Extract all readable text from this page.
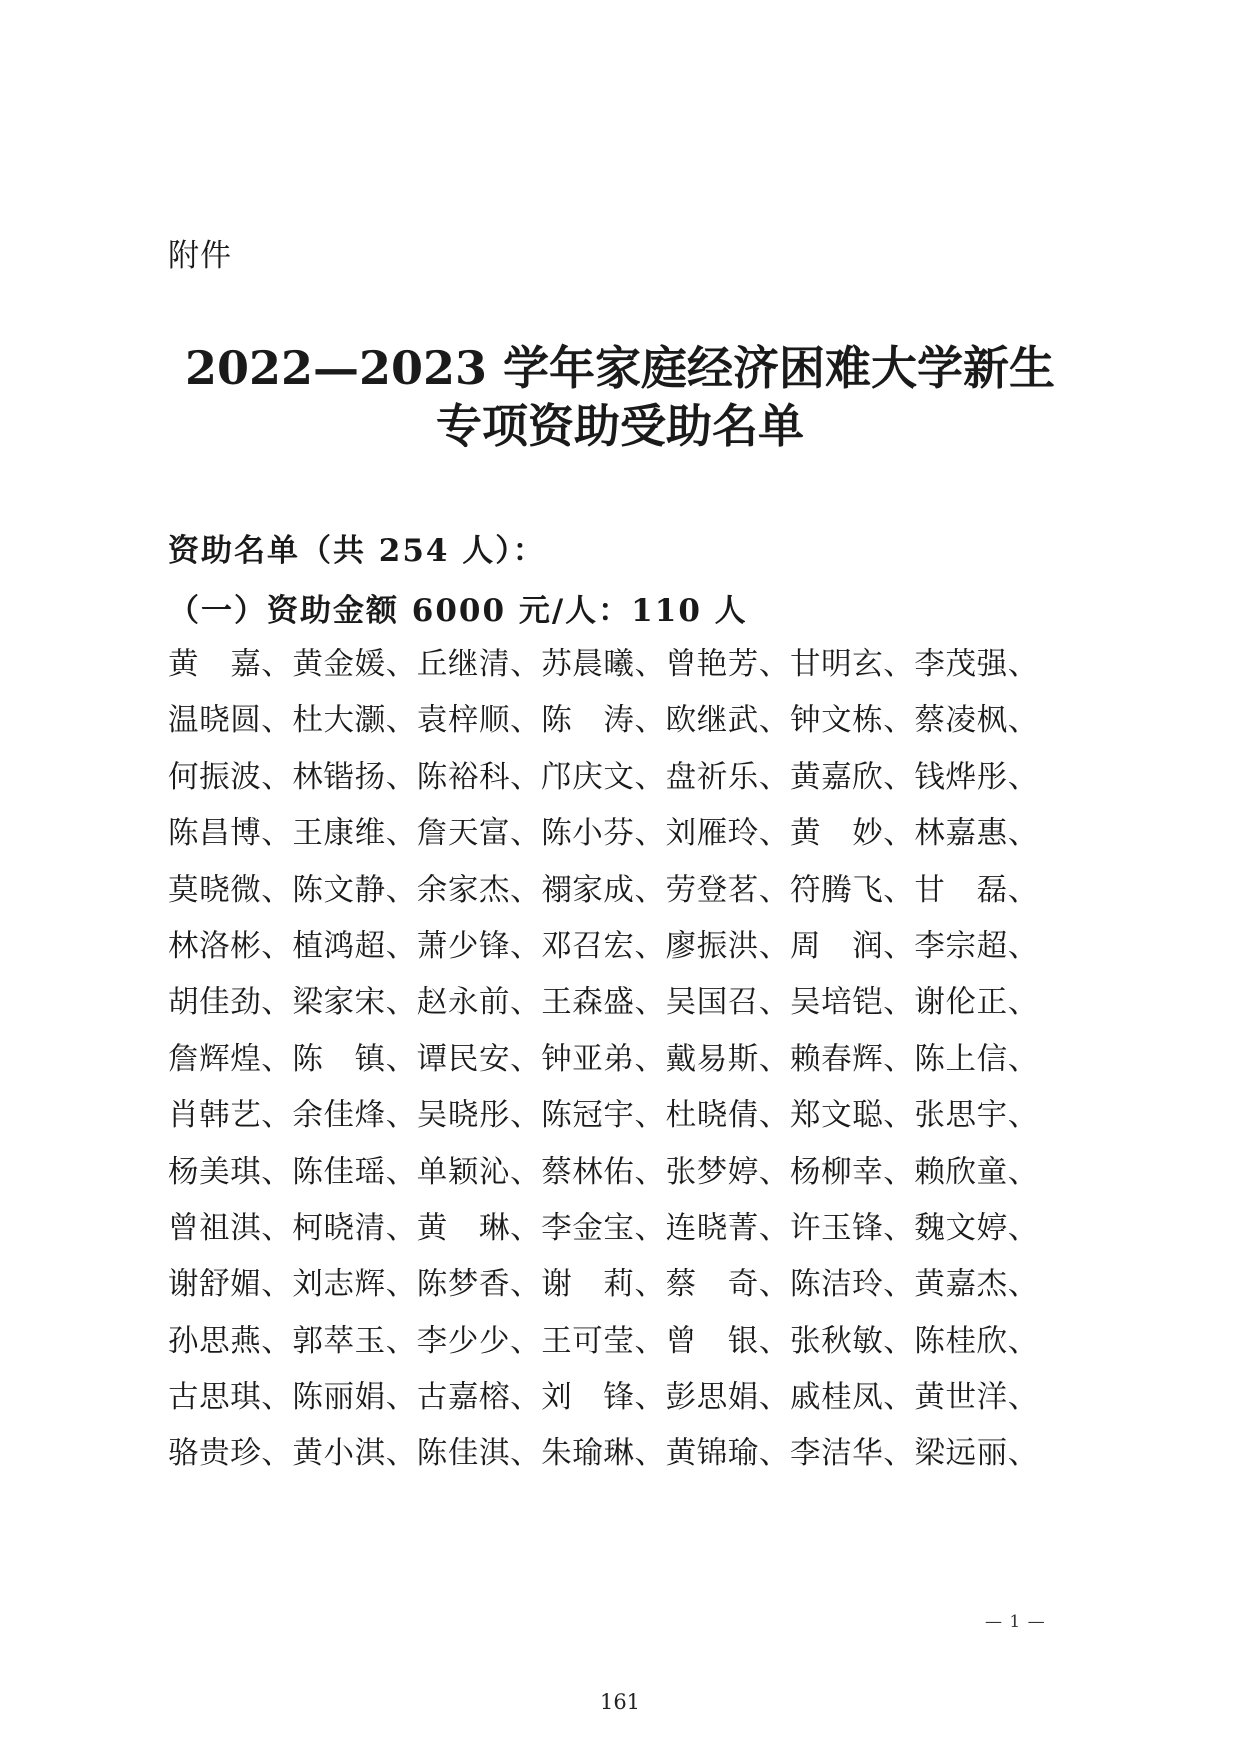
附件
2022—2023 学年家庭经济困难大学新生
专项资助受助名单
资助名单（共 254 人）：
（一）资助金额 6000 元/人：110 人
黄　嘉、黄金媛、丘继清、苏晨曦、曾艳芳、甘明玄、李茂强、
温晓圆、杜大灏、袁梓顺、陈　涛、欧继武、钟文栋、蔡凌枫、
何振波、林锴扬、陈裕科、邝庆文、盘祈乐、黄嘉欣、钱烨彤、
陈昌博、王康维、詹天富、陈小芬、刘雁玲、黄　妙、林嘉惠、
莫晓微、陈文静、余家杰、禤家成、劳登茗、符腾飞、甘　磊、
林洛彬、植鸿超、萧少锋、邓召宏、廖振洪、周　润、李宗超、
胡佳劲、梁家宋、赵永前、王森盛、吴国召、吴培铠、谢伦正、
詹辉煌、陈　镇、谭民安、钟亚弟、戴易斯、赖春辉、陈上信、
肖韩艺、余佳烽、吴晓彤、陈冠宇、杜晓倩、郑文聪、张思宇、
杨美琪、陈佳瑶、单颖沁、蔡林佑、张梦婷、杨柳幸、赖欣童、
曾祖淇、柯晓清、黄　琳、李金宝、连晓菁、许玉锋、魏文婷、
谢舒媚、刘志辉、陈梦香、谢　莉、蔡　奇、陈洁玲、黄嘉杰、
孙思燕、郭萃玉、李少少、王可莹、曾　银、张秋敏、陈桂欣、
古思琪、陈丽娟、古嘉榕、刘　锋、彭思娟、戚桂凤、黄世洋、
骆贵珍、黄小淇、陈佳淇、朱瑜琳、黄锦瑜、李洁华、梁远丽、
— 1 —
161
